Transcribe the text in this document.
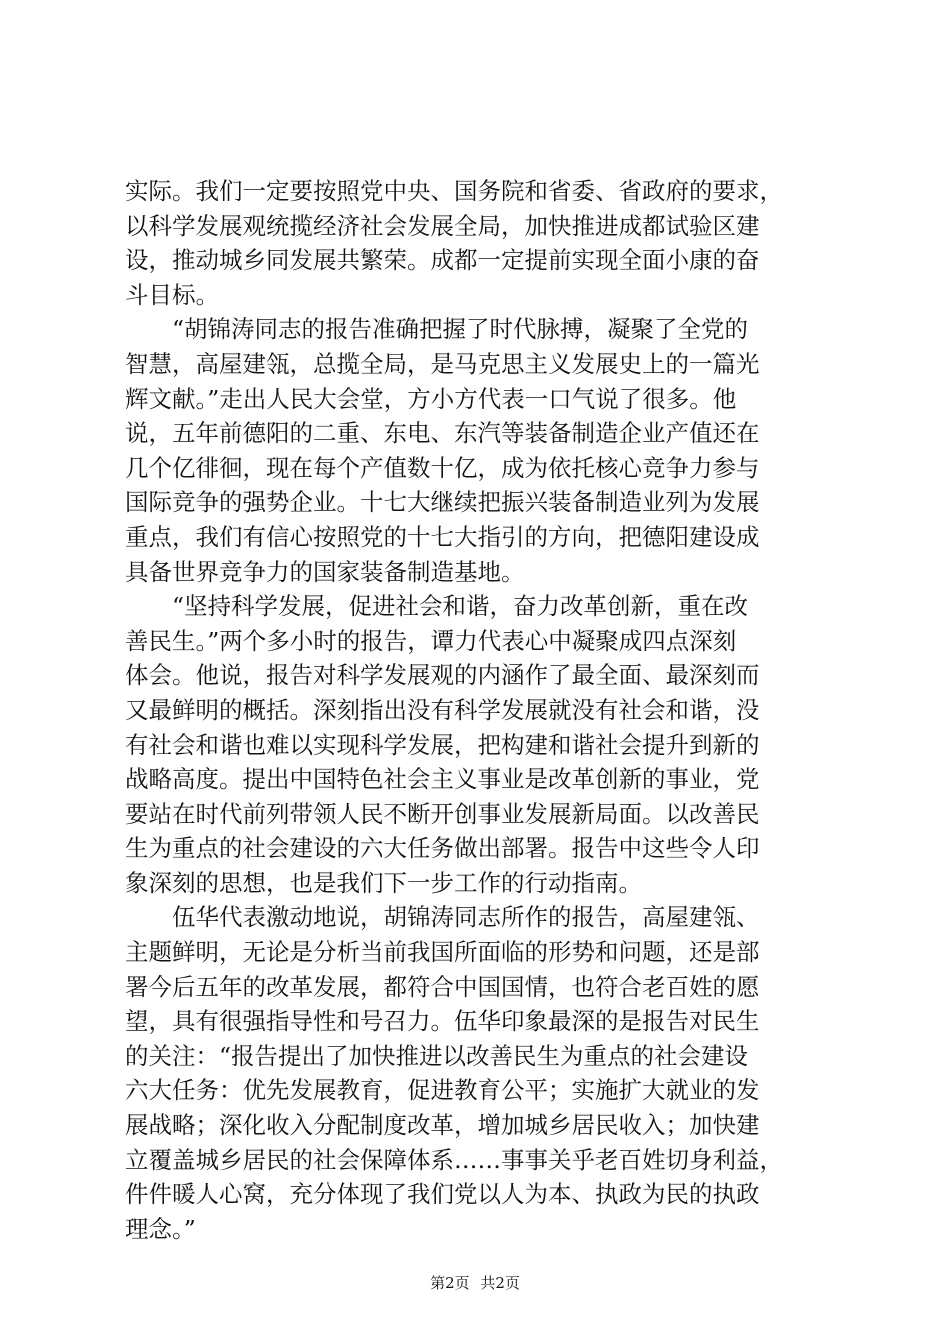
实际。我们一定要按照党中央、国务院和省委、省政府的要求，
以科学发展观统揽经济社会发展全局，加快推进成都试验区建
设，推动城乡同发展共繁荣。成都一定提前实现全面小康的奋
斗目标。
“胡锦涛同志的报告准确把握了时代脉搏，凝聚了全党的
智慧，高屋建瓴，总揽全局，是马克思主义发展史上的一篇光
辉文献。”走出人民大会堂，方小方代表一口气说了很多。他
说，五年前德阳的二重、东电、东汽等装备制造企业产值还在
几个亿徘徊，现在每个产值数十亿，成为依托核心竞争力参与
国际竞争的强势企业。十七大继续把振兴装备制造业列为发展
重点，我们有信心按照党的十七大指引的方向，把德阳建设成
具备世界竞争力的国家装备制造基地。
“坚持科学发展，促进社会和谐，奋力改革创新，重在改
善民生。”两个多小时的报告，谭力代表心中凝聚成四点深刻
体会。他说，报告对科学发展观的内涵作了最全面、最深刻而
又最鲜明的概括。深刻指出没有科学发展就没有社会和谐，没
有社会和谐也难以实现科学发展，把构建和谐社会提升到新的
战略高度。提出中国特色社会主义事业是改革创新的事业，党
要站在时代前列带领人民不断开创事业发展新局面。以改善民
生为重点的社会建设的六大任务做出部署。报告中这些令人印
象深刻的思想，也是我们下一步工作的行动指南。
伍华代表激动地说，胡锦涛同志所作的报告，高屋建瓴、
主题鲜明，无论是分析当前我国所面临的形势和问题，还是部
署今后五年的改革发展，都符合中国国情，也符合老百姓的愿
望，具有很强指导性和号召力。伍华印象最深的是报告对民生
的关注：“报告提出了加快推进以改善民生为重点的社会建设
六大任务：优先发展教育，促进教育公平；实施扩大就业的发
展战略；深化收入分配制度改革，增加城乡居民收入；加快建
立覆盖城乡居民的社会保障体系……事事关乎老百姓切身利益，
件件暖人心窝，充分体现了我们党以人为本、执政为民的执政
理念。”
第2页 共2页
